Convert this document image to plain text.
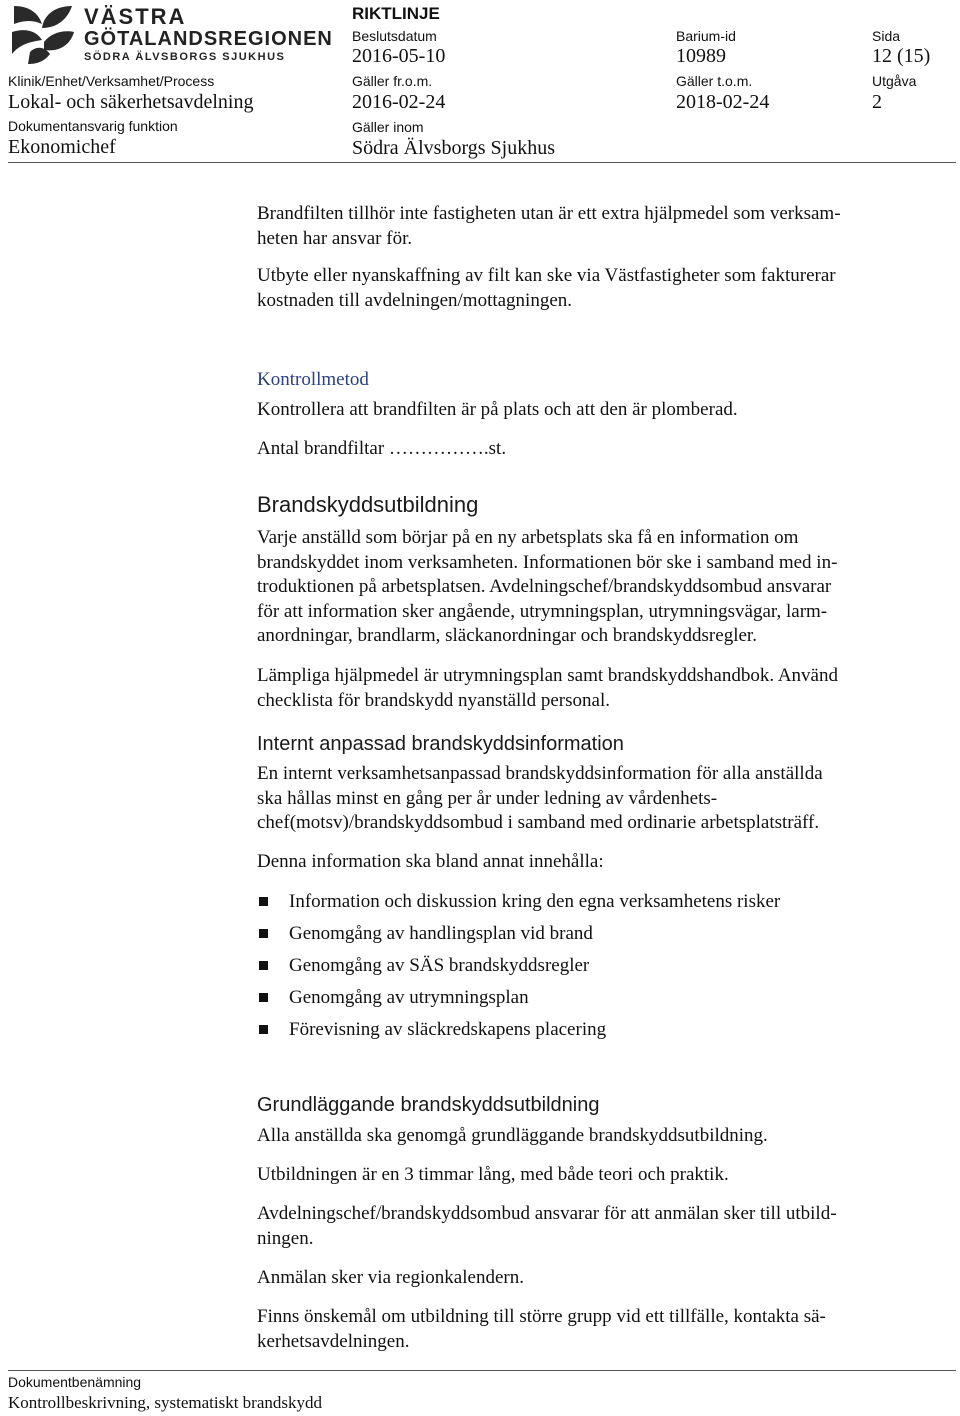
VÄSTRA
GÖTALANDSREGIONEN
SÖDRA ÄLVSBORGS SJUKHUS
RIKTLINJE
Beslutsdatum
2016-05-10
Barium-id
10989
Sida
12 (15)
Klinik/Enhet/Verksamhet/Process
Lokal- och säkerhetsavdelning
Gäller fr.o.m.
2016-02-24
Gäller t.o.m.
2018-02-24
Utgåva
2
Dokumentansvarig funktion
Ekonomichef
Gäller inom
Södra Älvsborgs Sjukhus

Brandfilten tillhör inte fastigheten utan är ett extra hjälpmedel som verksam-

heten har ansvar för.

Utbyte eller nyanskaffning av filt kan ske via Västfastigheter som fakturerar

kostnaden till avdelningen/mottagningen.

Kontrollmetod

Kontrollera att brandfilten är på plats och att den är plomberad.

Antal brandfiltar …………….st.

Brandskyddsutbildning

Varje anställd som börjar på en ny arbetsplats ska få en information om

brandskyddet inom verksamheten. Informationen bör ske i samband med in-

troduktionen på arbetsplatsen. Avdelningschef/brandskyddsombud ansvarar

för att information sker angående, utrymningsplan, utrymningsvägar, larm-

anordningar, brandlarm, släckanordningar och brandskyddsregler.

Lämpliga hjälpmedel är utrymningsplan samt brandskyddshandbok. Använd

checklista för brandskydd nyanställd personal.

Internt anpassad brandskyddsinformation

En internt verksamhetsanpassad brandskyddsinformation för alla anställda

ska hållas minst en gång per år under ledning av vårdenhets-

chef(motsv)/brandskyddsombud i samband med ordinarie arbetsplatsträff.

Denna information ska bland annat innehålla:

Information och diskussion kring den egna verksamhetens risker
Genomgång av handlingsplan vid brand
Genomgång av SÄS brandskyddsregler
Genomgång av utrymningsplan
Förevisning av släckredskapens placering
Grundläggande brandskyddsutbildning

Alla anställda ska genomgå grundläggande brandskyddsutbildning.

Utbildningen är en 3 timmar lång, med både teori och praktik.

Avdelningschef/brandskyddsombud ansvarar för att anmälan sker till utbild-

ningen.

Anmälan sker via regionkalendern.

Finns önskemål om utbildning till större grupp vid ett tillfälle, kontakta sä-

kerhetsavdelningen.

Dokumentbenämning
Kontrollbeskrivning, systematiskt brandskydd
